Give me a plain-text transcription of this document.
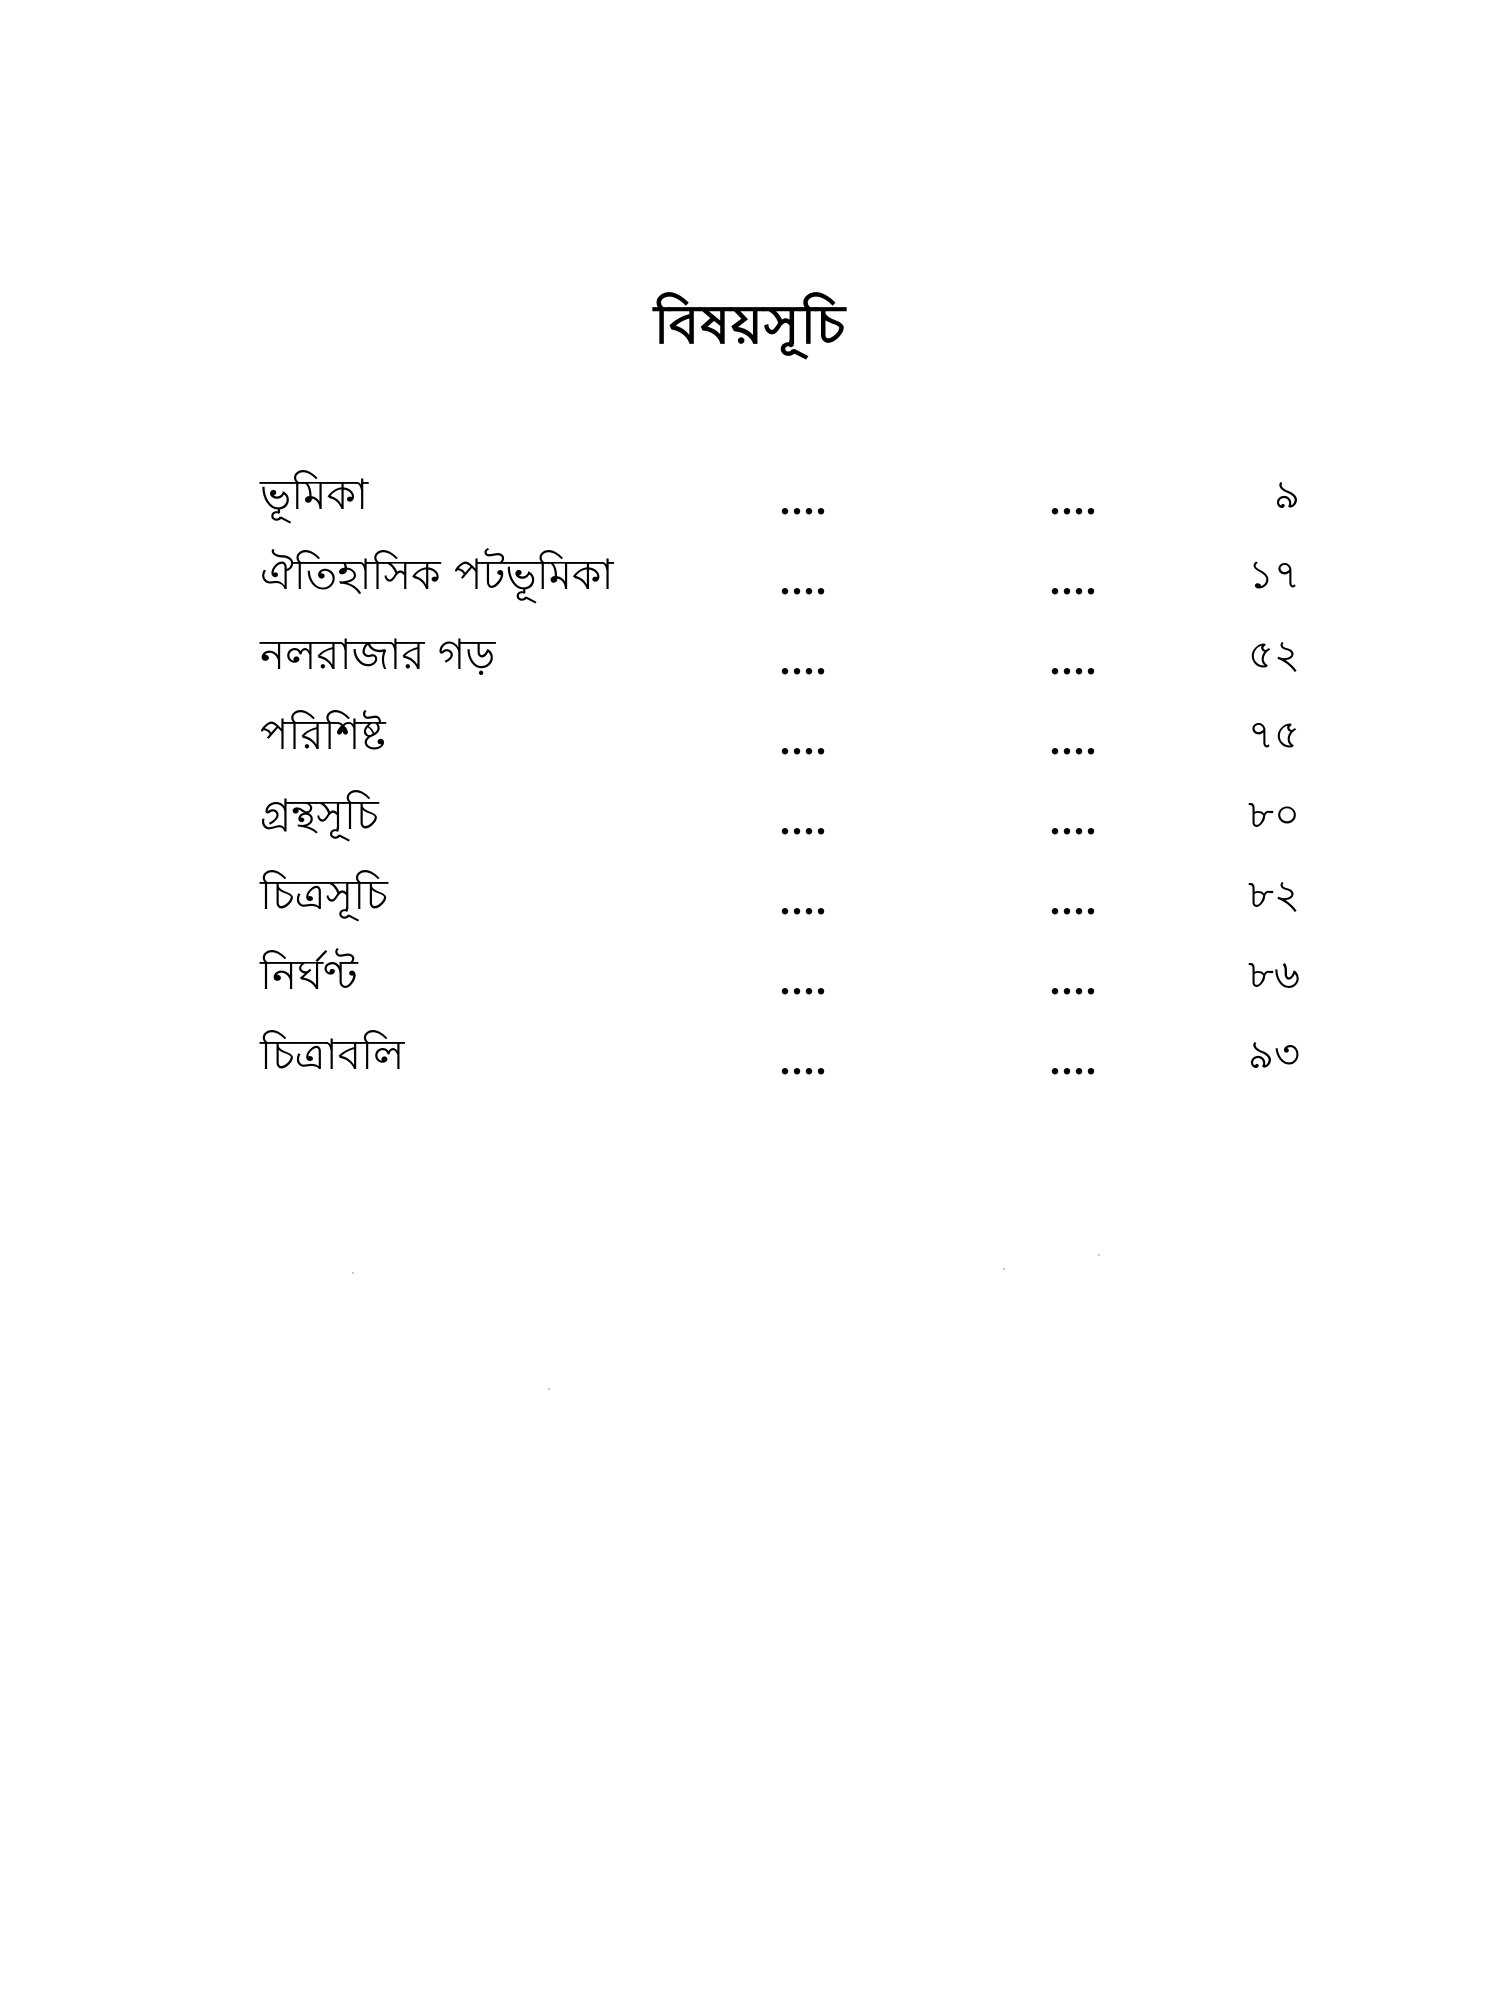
বিষয়সূচি
ভূমিকা	....	....	৯
ঐতিহাসিক পটভূমিকা	....	....	১৭
নলরাজার গড়	....	....	৫২
পরিশিষ্ট	....	....	৭৫
গ্রন্থসূচি	....	....	৮০
চিত্রসূচি	....	....	৮২
নির্ঘণ্ট	....	....	৮৬
চিত্রাবলি	....	....	৯৩
